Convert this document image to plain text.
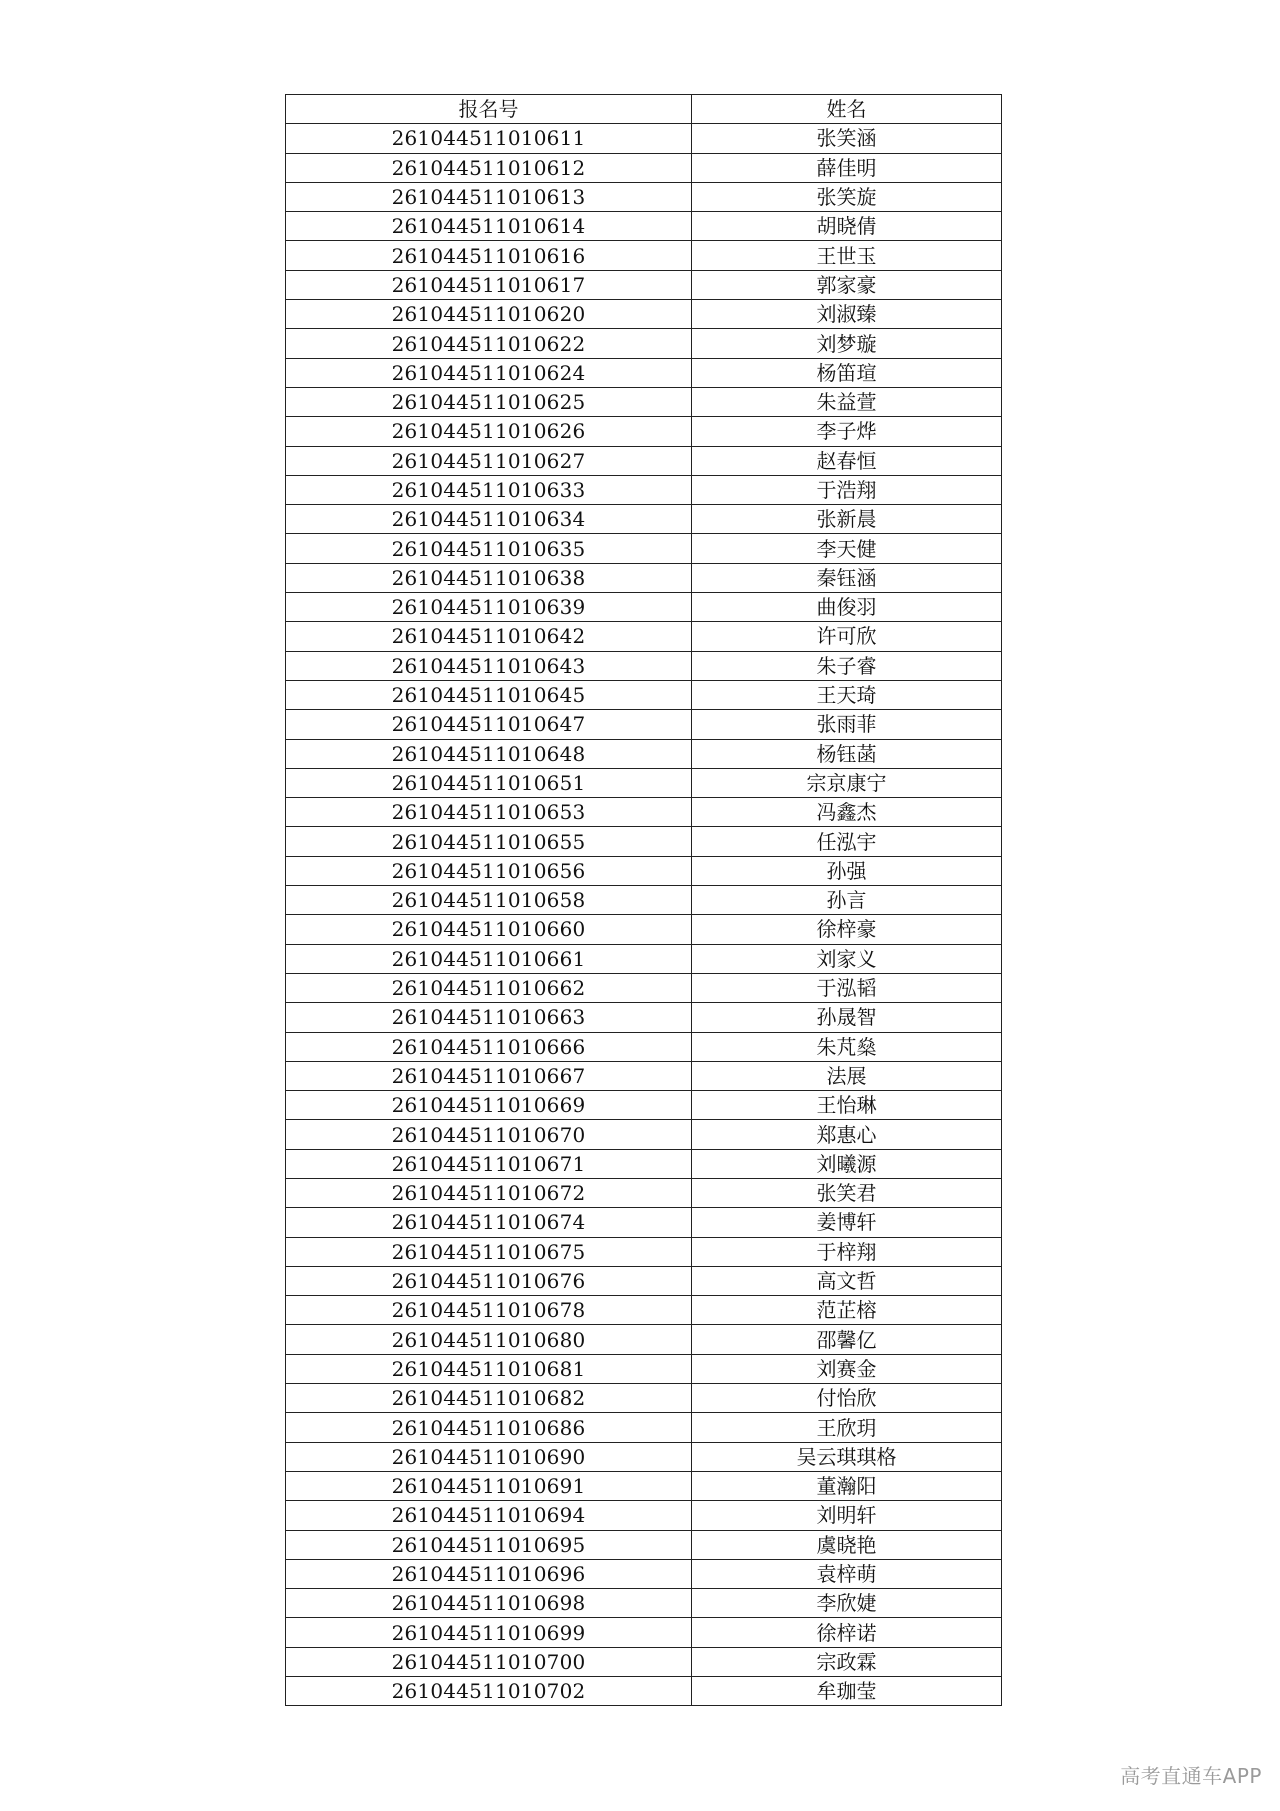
报名号	姓名
261044511010611	张笑涵
261044511010612	薛佳明
261044511010613	张笑旋
261044511010614	胡晓倩
261044511010616	王世玉
261044511010617	郭家豪
261044511010620	刘淑臻
261044511010622	刘梦璇
261044511010624	杨笛瑄
261044511010625	朱益萱
261044511010626	李子烨
261044511010627	赵春恒
261044511010633	于浩翔
261044511010634	张新晨
261044511010635	李天健
261044511010638	秦钰涵
261044511010639	曲俊羽
261044511010642	许可欣
261044511010643	朱子睿
261044511010645	王天琦
261044511010647	张雨菲
261044511010648	杨钰菡
261044511010651	宗京康宁
261044511010653	冯鑫杰
261044511010655	任泓宇
261044511010656	孙强
261044511010658	孙言
261044511010660	徐梓豪
261044511010661	刘家义
261044511010662	于泓韬
261044511010663	孙晟智
261044511010666	朱芃燊
261044511010667	法展
261044511010669	王怡琳
261044511010670	郑惠心
261044511010671	刘曦源
261044511010672	张笑君
261044511010674	姜博轩
261044511010675	于梓翔
261044511010676	高文哲
261044511010678	范芷榕
261044511010680	邵馨亿
261044511010681	刘赛金
261044511010682	付怡欣
261044511010686	王欣玥
261044511010690	吴云琪琪格
261044511010691	董瀚阳
261044511010694	刘明轩
261044511010695	虞晓艳
261044511010696	袁梓萌
261044511010698	李欣婕
261044511010699	徐梓诺
261044511010700	宗政霖
261044511010702	牟珈莹
高考直通车APP
